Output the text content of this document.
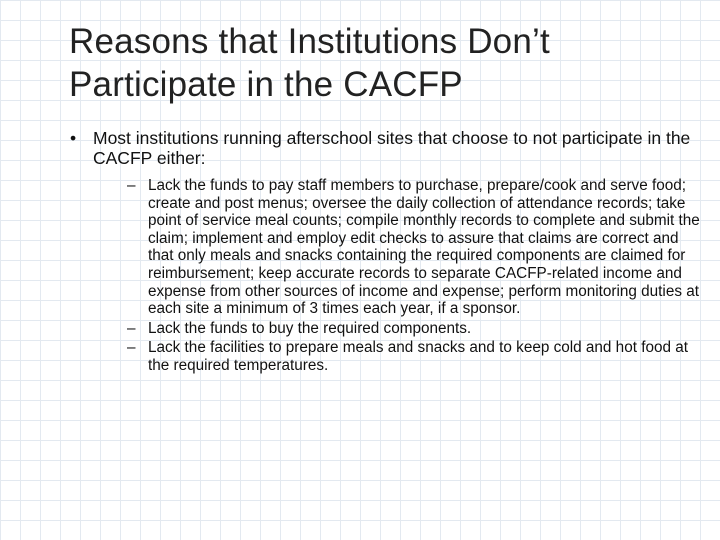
Reasons that Institutions Don’t Participate in the CACFP
• Most institutions running afterschool sites that choose to not participate in the CACFP either:
– Lack the funds to pay staff members to purchase, prepare/cook and serve food; create and post menus; oversee the daily collection of attendance records; take point of service meal counts; compile monthly records to complete and submit the claim; implement and employ edit checks to assure that claims are correct and that only meals and snacks containing the required components are claimed for reimbursement; keep accurate records to separate CACFP-related income and expense from other sources of income and expense; perform monitoring duties at each site a minimum of 3 times each year, if a sponsor.
– Lack the funds to buy the required components.
– Lack the facilities to prepare meals and snacks and to keep cold and hot food at the required temperatures.
